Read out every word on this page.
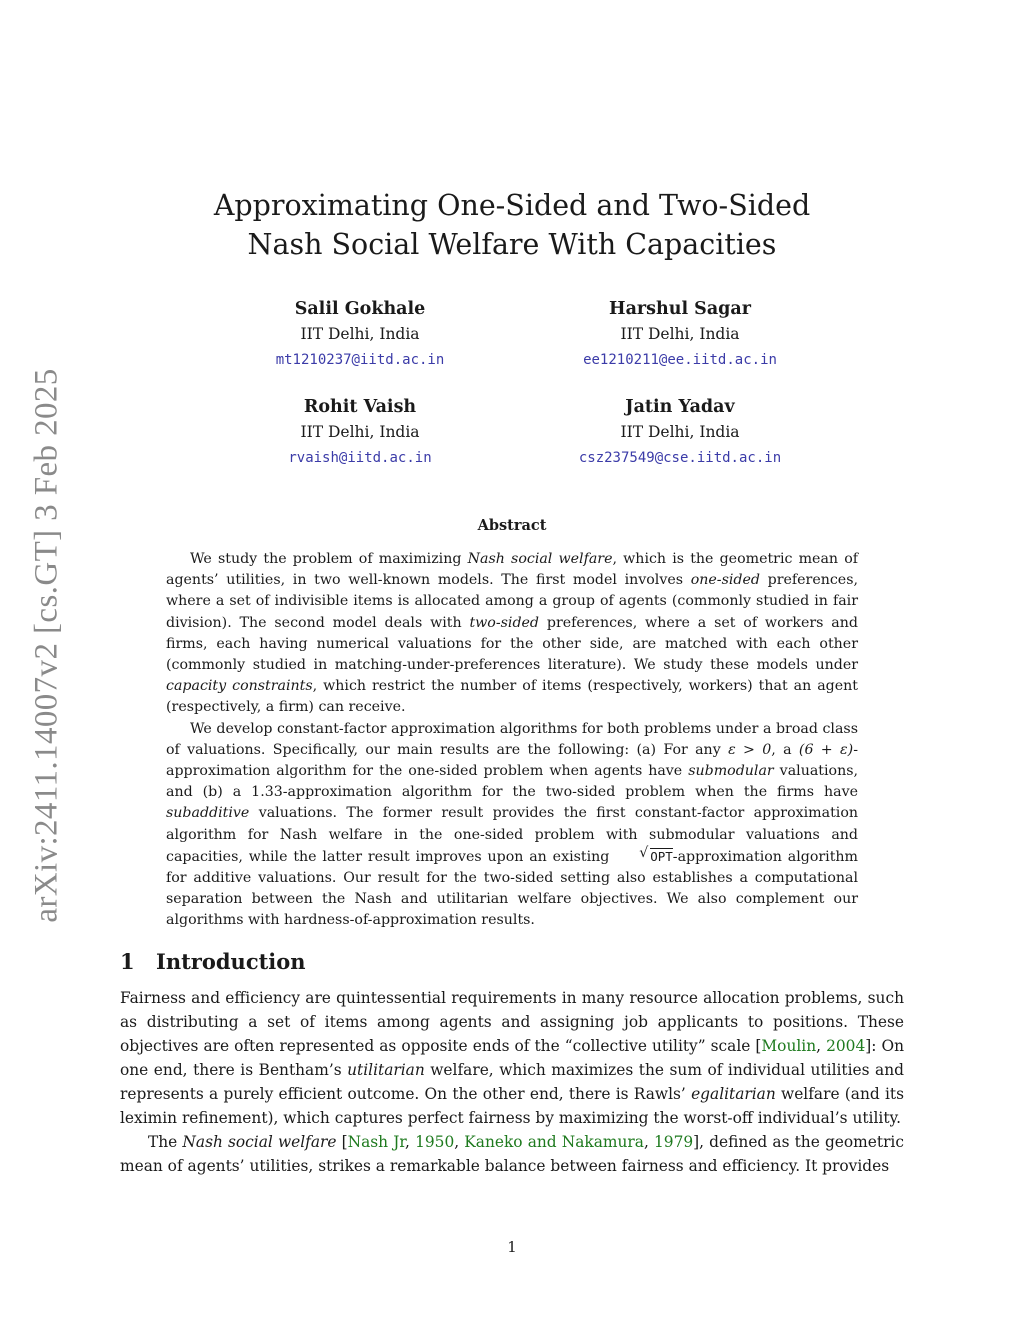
arXiv:2411.14007v2 [cs.GT] 3 Feb 2025
Approximating One-Sided and Two-Sided
Nash Social Welfare With Capacities
Salil Gokhale
IIT Delhi, India
mt1210237@iitd.ac.in
Harshul Sagar
IIT Delhi, India
ee1210211@ee.iitd.ac.in
Rohit Vaish
IIT Delhi, India
rvaish@iitd.ac.in
Jatin Yadav
IIT Delhi, India
csz237549@cse.iitd.ac.in
Abstract

We study the problem of maximizing Nash social welfare, which is the geometric mean of agents’ utilities, in two well-known models. The first model involves one-sided preferences, where a set of indivisible items is allocated among a group of agents (commonly studied in fair division). The second model deals with two-sided preferences, where a set of workers and firms, each having numerical valuations for the other side, are matched with each other (commonly studied in matching-under-preferences literature). We study these models under capacity constraints, which restrict the number of items (respectively, workers) that an agent (respectively, a firm) can receive.

We develop constant-factor approximation algorithms for both problems under a broad class of valuations. Specifically, our main results are the following: (a) For any ε > 0, a (6 + ε)-approximation algorithm for the one-sided problem when agents have submodular valuations, and (b) a 1.33-approximation algorithm for the two-sided problem when the firms have subadditive valuations. The former result provides the first constant-factor approximation algorithm for Nash welfare in the one-sided problem with submodular valuations and capacities, while the latter result improves upon an existing	√ OPT-approximation algorithm for additive valuations. Our result for the two-sided setting also establishes a computational separation between the Nash and utilitarian welfare objectives. We also complement our algorithms with hardness-of-approximation results.

1 Introduction

Fairness and efficiency are quintessential requirements in many resource allocation problems, such as distributing a set of items among agents and assigning job applicants to positions. These objectives are often represented as opposite ends of the “collective utility” scale [Moulin, 2004]: On one end, there is Bentham’s utilitarian welfare, which maximizes the sum of individual utilities and represents a purely efficient outcome. On the other end, there is Rawls’ egalitarian welfare (and its leximin refinement), which captures perfect fairness by maximizing the worst-off individual’s utility.

The Nash social welfare [Nash Jr, 1950, Kaneko and Nakamura, 1979], defined as the geometric mean of agents’ utilities, strikes a remarkable balance between fairness and efficiency. It provides

1
